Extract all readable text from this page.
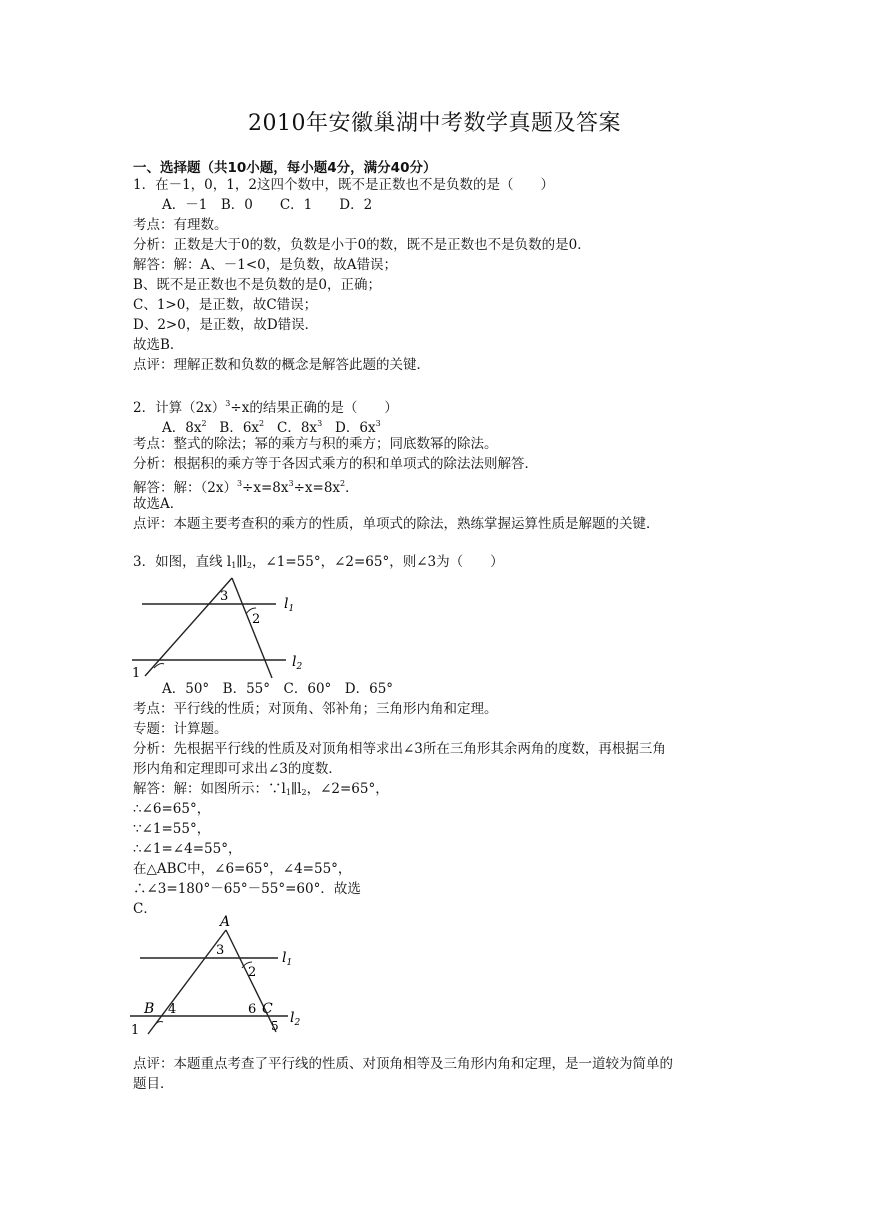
2010年安徽巢湖中考数学真题及答案
一、选择题（共10小题，每小题4分，满分40分）
1．在－1，0，1，2这四个数中，既不是正数也不是负数的是（　　）
A．－1　B．0　　C．1　　D．2
考点：有理数。
分析：正数是大于0的数，负数是小于0的数，既不是正数也不是负数的是0．
解答：解：A、－1<0，是负数，故A错误；
B、既不是正数也不是负数的是0，正确；
C、1>0，是正数，故C错误；
D、2>0，是正数，故D错误．
故选B．
点评：理解正数和负数的概念是解答此题的关键．
2．计算$(2x)^3\div x$的结果正确的是（　　）
A．$8x^2$ B．$6x^2$ C．$8x^3$ D．$6x^3$
考点：整式的除法；幂的乘方与积的乘方；同底数幂的除法。
分析：根据积的乘方等于各因式乘方的积和单项式的除法法则解答．
解答：解：$(2x)^3\div x=8x^3\div x=8x^2$．
故选A．
点评：本题主要考查积的乘方的性质，单项式的除法，熟练掌握运算性质是解题的关键．
3．如图，直线 $l_1\parallel l_2$，∠1=55°，∠2=65°，则∠3为（　　）
3
2
1
$l_1$
$l_2$
A．50°　B．55°　C．60°　D．65°
考点：平行线的性质；对顶角、邻补角；三角形内角和定理。
专题：计算题。
分析：先根据平行线的性质及对顶角相等求出∠3所在三角形其余两角的度数，再根据三角
形内角和定理即可求出∠3的度数．
解答：解：如图所示：$\because l_1\parallel l_2$，∠2=65°，
∴∠6=65°，
∵∠1=55°，
∴∠1=∠4=55°，
在△ABC中，∠6=65°，∠4=55°，
∴∠3=180°－65°－55°=60°．故选
C．
A
3
2
B 4	6 C
5
1
$l_1$
$l_2$
点评：本题重点考查了平行线的性质、对顶角相等及三角形内角和定理，是一道较为简单的
题目．
